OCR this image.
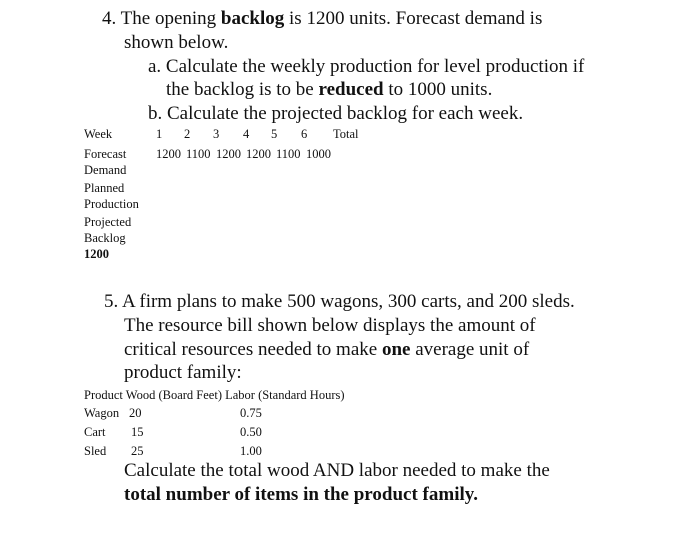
4. The opening backlog is 1200 units. Forecast demand is
shown below.
a. Calculate the weekly production for level production if
the backlog is to be reduced to 1000 units.
b. Calculate the projected backlog for each week.
Week	1 2 3 4 5 6 Total
Forecast 1200 1100 1200 1200 1100 1000
Demand
Planned
Production
Projected
Backlog
1200
5. A firm plans to make 500 wagons, 300 carts, and 200 sleds.
The resource bill shown below displays the amount of
critical resources needed to make one average unit of
product family:
Product Wood (Board Feet) Labor (Standard Hours)
Wagon 20	0.75
Cart 15	0.50
Sled 25	1.00
Calculate the total wood AND labor needed to make the
total number of items in the product family.
